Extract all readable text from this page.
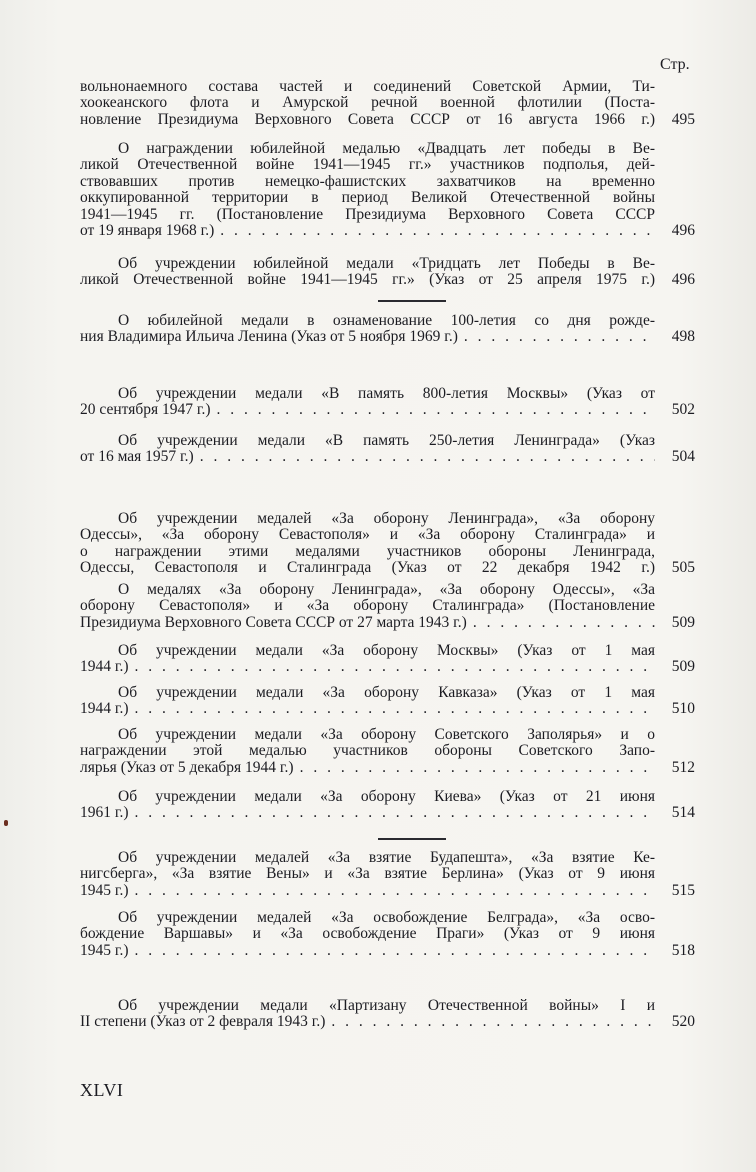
Стр.
вольнонаемного состава частей и соединений Советской Армии, Ти-
хоокеанского флота и Амурской речной военной флотилии (Поста-
новление Президиума Верховного Совета СССР от 16 августа 1966 г.) 495
О награждении юбилейной медалью «Двадцать лет победы в Ве-
ликой Отечественной войне 1941—1945 гг.» участников подполья, дей-
ствовавших против немецко-фашистских захватчиков на временно
оккупированной территории в период Великой Отечественной войны
1941—1945 гг. (Постановление Президиума Верховного Совета СССР
от 19 января 1968 г.) . . .	496
Об учреждении юбилейной медали «Тридцать лет Победы в Ве-
ликой Отечественной войне 1941—1945 гг.» (Указ от 25 апреля 1975 г.) 496
О юбилейной медали в ознаменование 100-летия со дня рожде-
ния Владимира Ильича Ленина (Указ от 5 ноября 1969 г.) . . .	498
Об учреждении медали «В память 800-летия Москвы» (Указ от
20 сентября 1947 г.) . . .	502
Об учреждении медали «В память 250-летия Ленинграда» (Указ
от 16 мая 1957 г.) . . .	504
Об учреждении медалей «За оборону Ленинграда», «За оборону
Одессы», «За оборону Севастополя» и «За оборону Сталинграда» и
о награждении этими медалями участников обороны Ленинграда,
Одессы, Севастополя и Сталинграда (Указ от 22 декабря 1942 г.) 505
О медалях «За оборону Ленинграда», «За оборону Одессы», «За
оборону Севастополя» и «За оборону Сталинграда» (Постановление
Президиума Верховного Совета СССР от 27 марта 1943 г.) . . .	509
Об учреждении медали «За оборону Москвы» (Указ от 1 мая
1944 г.) . . .	509
Об учреждении медали «За оборону Кавказа» (Указ от 1 мая
1944 г.) . . .	510
Об учреждении медали «За оборону Советского Заполярья» и о
награждении этой медалью участников обороны Советского Запо-
лярья (Указ от 5 декабря 1944 г.) . . .	512
Об учреждении медали «За оборону Киева» (Указ от 21 июня
1961 г.) . . .	514
Об учреждении медалей «За взятие Будапешта», «За взятие Ке-
нигсберга», «За взятие Вены» и «За взятие Берлина» (Указ от 9 июня
1945 г.) . . .	515
Об учреждении медалей «За освобождение Белграда», «За осво-
бождение Варшавы» и «За освобождение Праги» (Указ от 9 июня
1945 г.) . . .	518
Об учреждении медали «Партизану Отечественной войны» I и
II степени (Указ от 2 февраля 1943 г.) . . .	520
XLVI
